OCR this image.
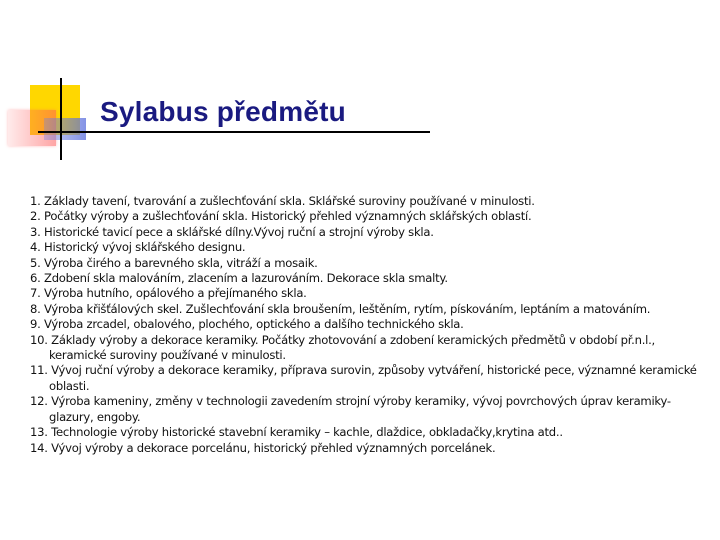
Sylabus předmětu
1. Základy tavení, tvarování a zušlechťování skla. Sklářské suroviny používané v minulosti.
2. Počátky výroby a zušlechťování skla. Historický přehled významných sklářských oblastí.
3. Historické tavicí pece a sklářské dílny.Vývoj ruční a strojní výroby skla.
4. Historický vývoj sklářského designu.
5. Výroba čirého a barevného skla, vitráží a mosaik.
6. Zdobení skla malováním, zlacením a lazurováním. Dekorace skla smalty.
7. Výroba hutního, opálového a přejímaného skla.
8. Výroba křišťálových skel. Zušlechťování skla broušením, leštěním, rytím, pískováním, leptáním a matováním.
9. Výroba zrcadel, obalového, plochého, optického a dalšího technického skla.
10. Základy výroby a dekorace keramiky. Počátky zhotovování a zdobení keramických předmětů v období př.n.l., keramické suroviny používané v minulosti.
11. Vývoj ruční výroby a dekorace keramiky, příprava surovin, způsoby vytváření, historické pece, významné keramické oblasti.
12. Výroba kameniny, změny v technologii zavedením strojní výroby keramiky, vývoj povrchových úprav keramiky- glazury, engoby.
13. Technologie výroby historické stavební keramiky – kachle, dlaždice, obkladačky,krytina atd..
14. Vývoj výroby a dekorace porcelánu, historický přehled významných porcelánek.
